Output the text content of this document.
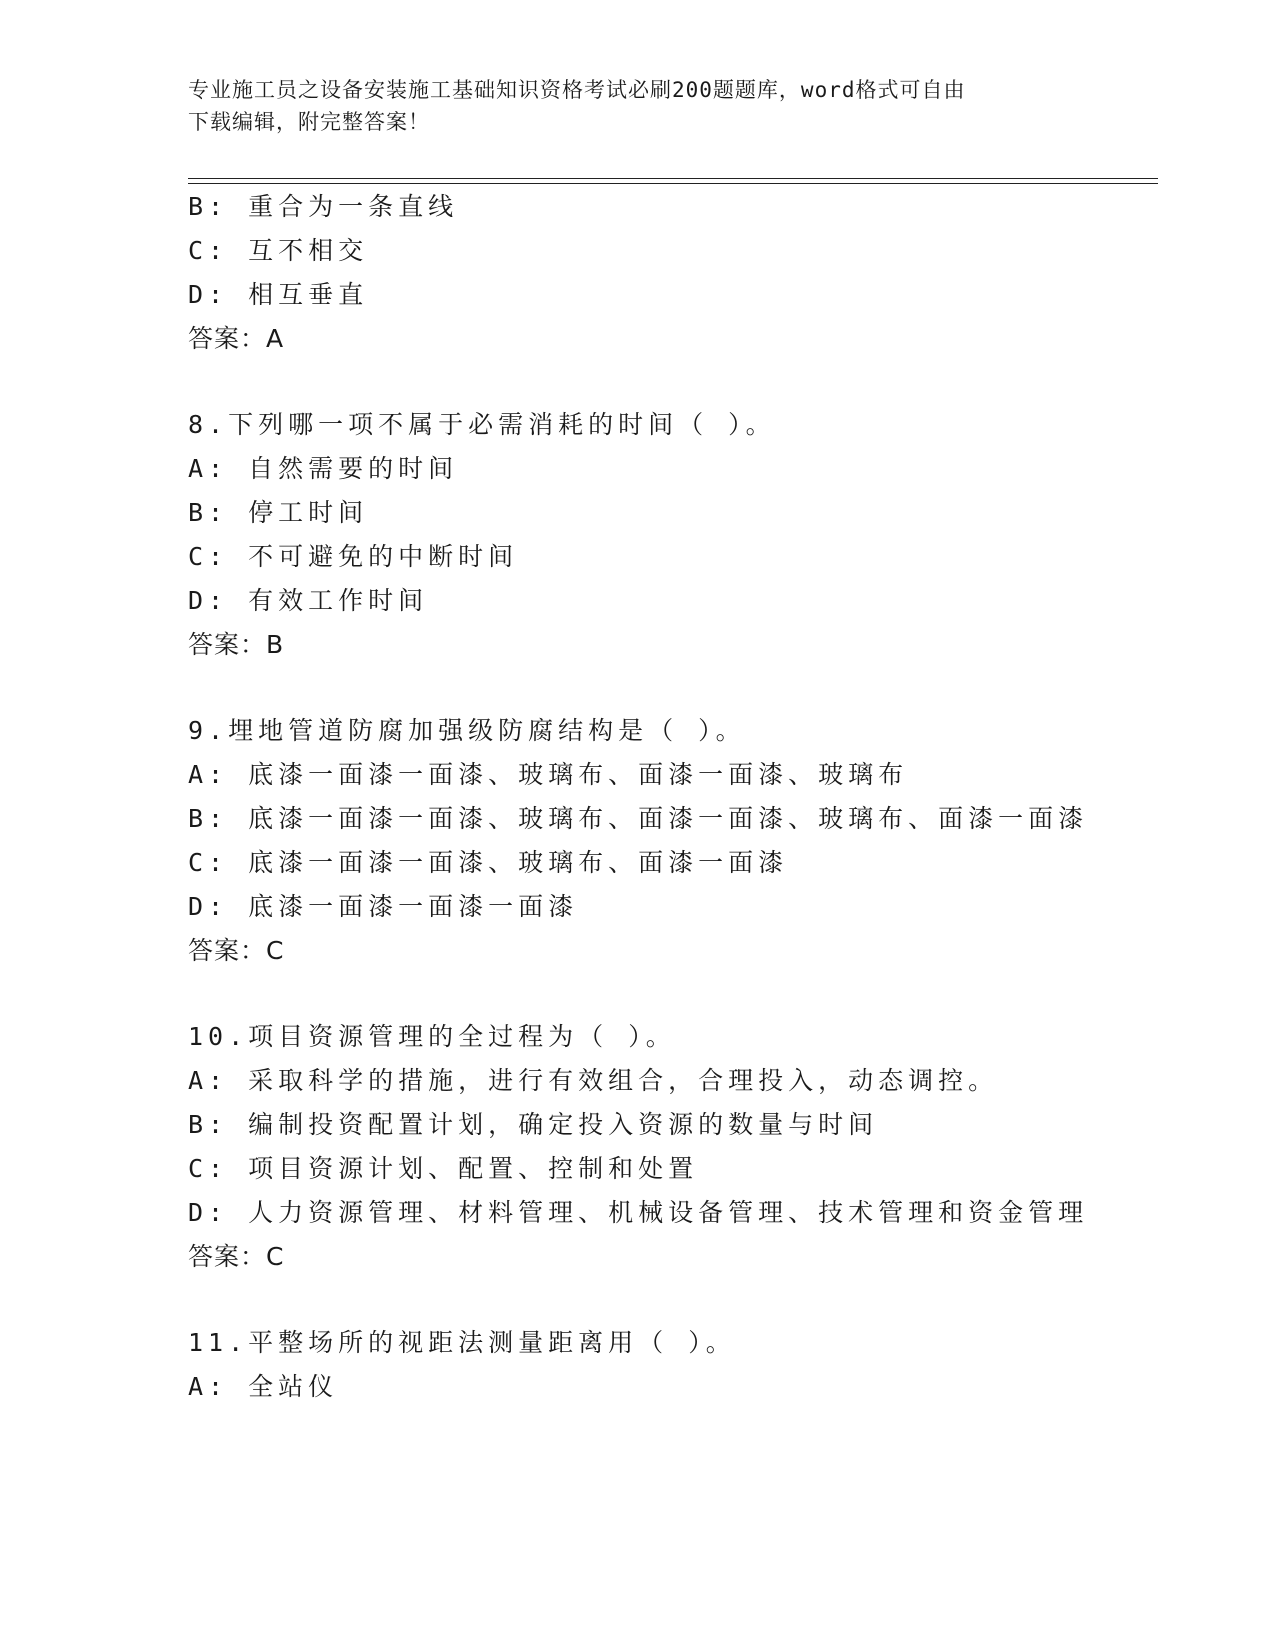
专业施工员之设备安装施工基础知识资格考试必刷200题题库，word格式可自由
下载编辑，附完整答案！
B: 重合为一条直线
C: 互不相交
D: 相互垂直
答案：A
8.下列哪一项不属于必需消耗的时间（ ）。
A: 自然需要的时间
B: 停工时间
C: 不可避免的中断时间
D: 有效工作时间
答案：B
9.埋地管道防腐加强级防腐结构是（ ）。
A: 底漆一面漆一面漆、玻璃布、面漆一面漆、玻璃布
B: 底漆一面漆一面漆、玻璃布、面漆一面漆、玻璃布、面漆一面漆
C: 底漆一面漆一面漆、玻璃布、面漆一面漆
D: 底漆一面漆一面漆一面漆
答案：C
10.项目资源管理的全过程为（ ）。
A: 采取科学的措施，进行有效组合，合理投入，动态调控。
B: 编制投资配置计划，确定投入资源的数量与时间
C: 项目资源计划、配置、控制和处置
D: 人力资源管理、材料管理、机械设备管理、技术管理和资金管理
答案：C
11.平整场所的视距法测量距离用（ ）。
A: 全站仪
